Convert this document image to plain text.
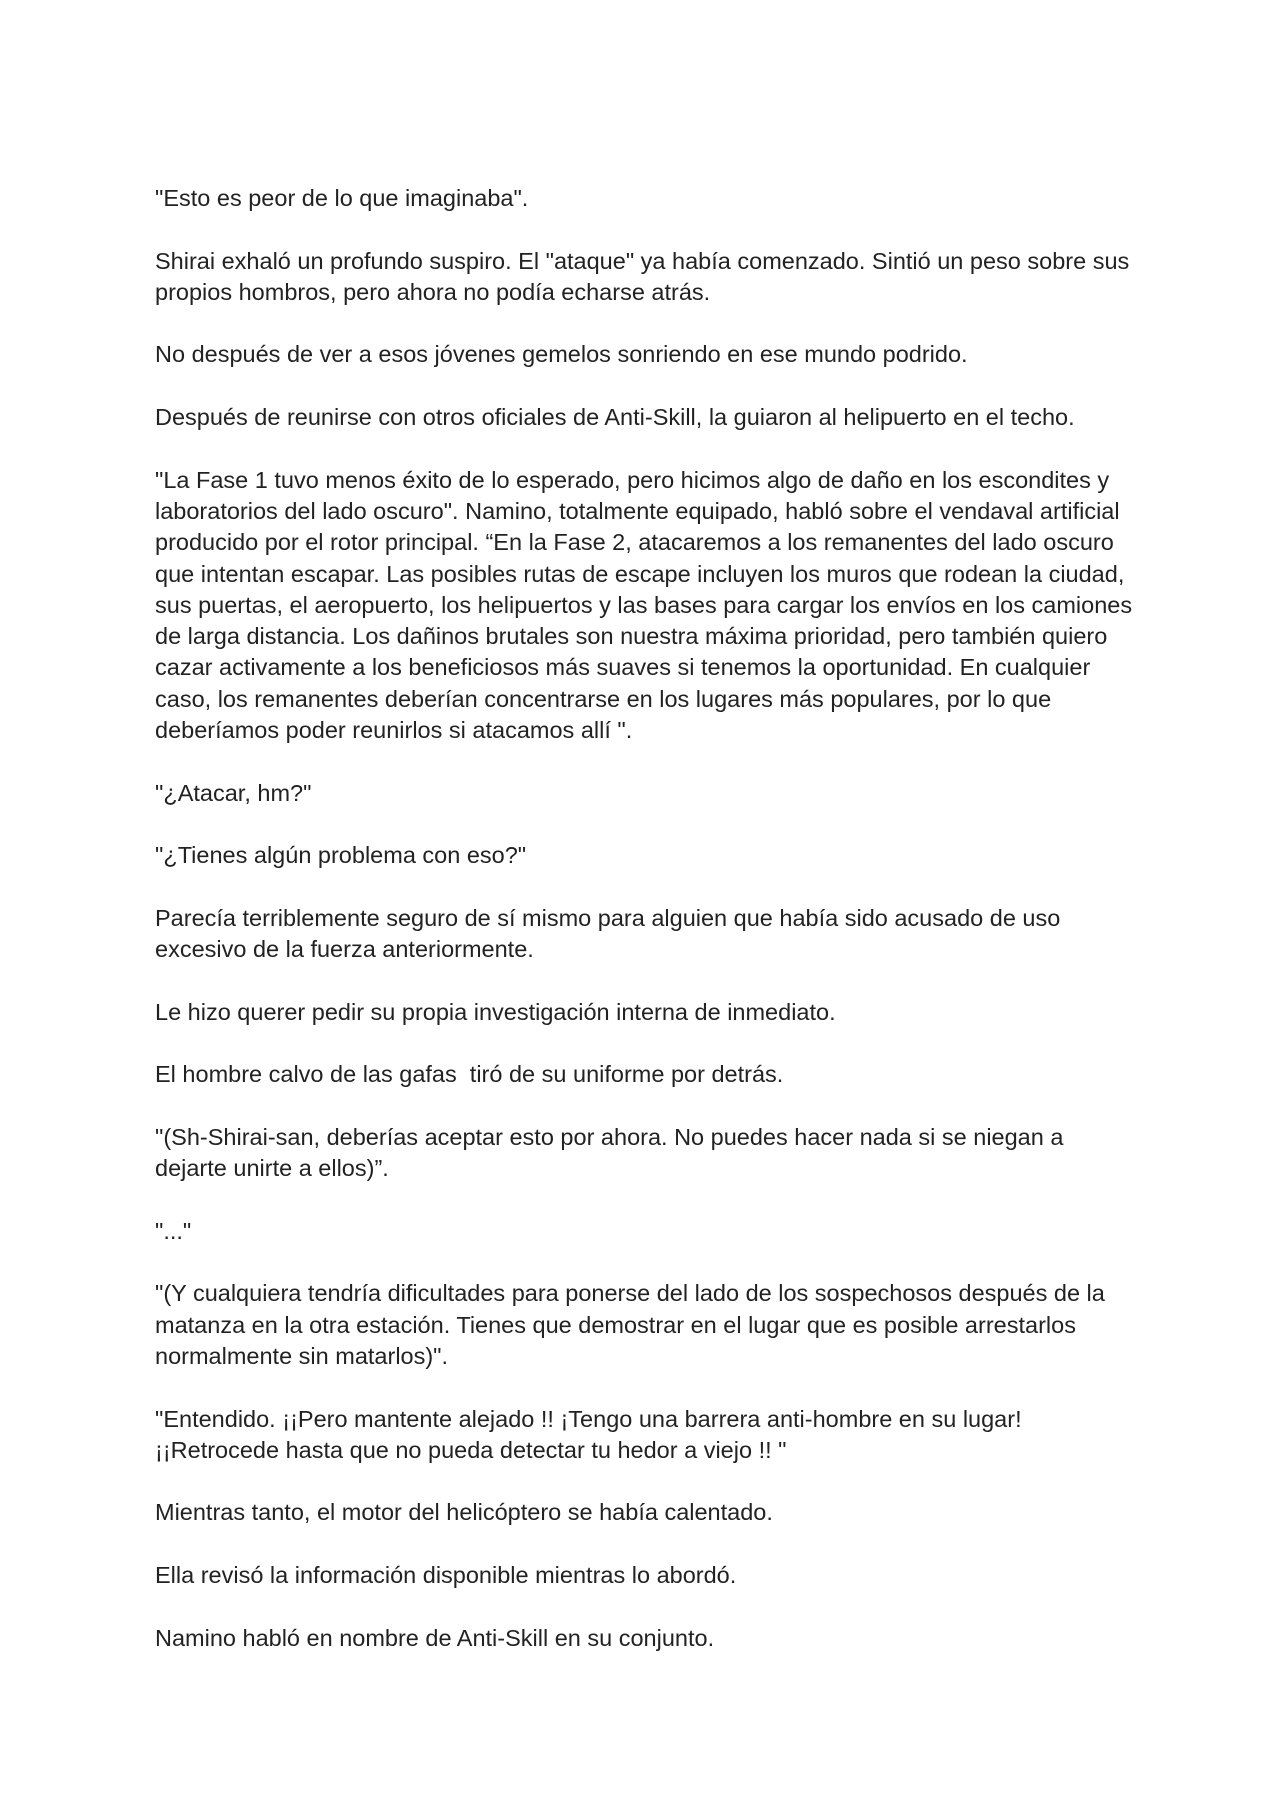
"Esto es peor de lo que imaginaba".

Shirai exhaló un profundo suspiro. El "ataque" ya había comenzado. Sintió un peso sobre sus propios hombros, pero ahora no podía echarse atrás.

No después de ver a esos jóvenes gemelos sonriendo en ese mundo podrido.

Después de reunirse con otros oficiales de Anti-Skill, la guiaron al helipuerto en el techo.

"La Fase 1 tuvo menos éxito de lo esperado, pero hicimos algo de daño en los escondites y laboratorios del lado oscuro". Namino, totalmente equipado, habló sobre el vendaval artificial producido por el rotor principal. “En la Fase 2, atacaremos a los remanentes del lado oscuro que intentan escapar. Las posibles rutas de escape incluyen los muros que rodean la ciudad, sus puertas, el aeropuerto, los helipuertos y las bases para cargar los envíos en los camiones de larga distancia. Los dañinos brutales son nuestra máxima prioridad, pero también quiero cazar activamente a los beneficiosos más suaves si tenemos la oportunidad. En cualquier caso, los remanentes deberían concentrarse en los lugares más populares, por lo que deberíamos poder reunirlos si atacamos allí ".

"¿Atacar, hm?"

"¿Tienes algún problema con eso?"

Parecía terriblemente seguro de sí mismo para alguien que había sido acusado de uso excesivo de la fuerza anteriormente.

Le hizo querer pedir su propia investigación interna de inmediato.

El hombre calvo de las gafas  tiró de su uniforme por detrás.

"(Sh-Shirai-san, deberías aceptar esto por ahora. No puedes hacer nada si se niegan a dejarte unirte a ellos)”.

"..."

"(Y cualquiera tendría dificultades para ponerse del lado de los sospechosos después de la matanza en la otra estación. Tienes que demostrar en el lugar que es posible arrestarlos normalmente sin matarlos)".

"Entendido. ¡¡Pero mantente alejado !! ¡Tengo una barrera anti-hombre en su lugar! ¡¡Retrocede hasta que no pueda detectar tu hedor a viejo !! "

Mientras tanto, el motor del helicóptero se había calentado.

Ella revisó la información disponible mientras lo abordó.

Namino habló en nombre de Anti-Skill en su conjunto.
